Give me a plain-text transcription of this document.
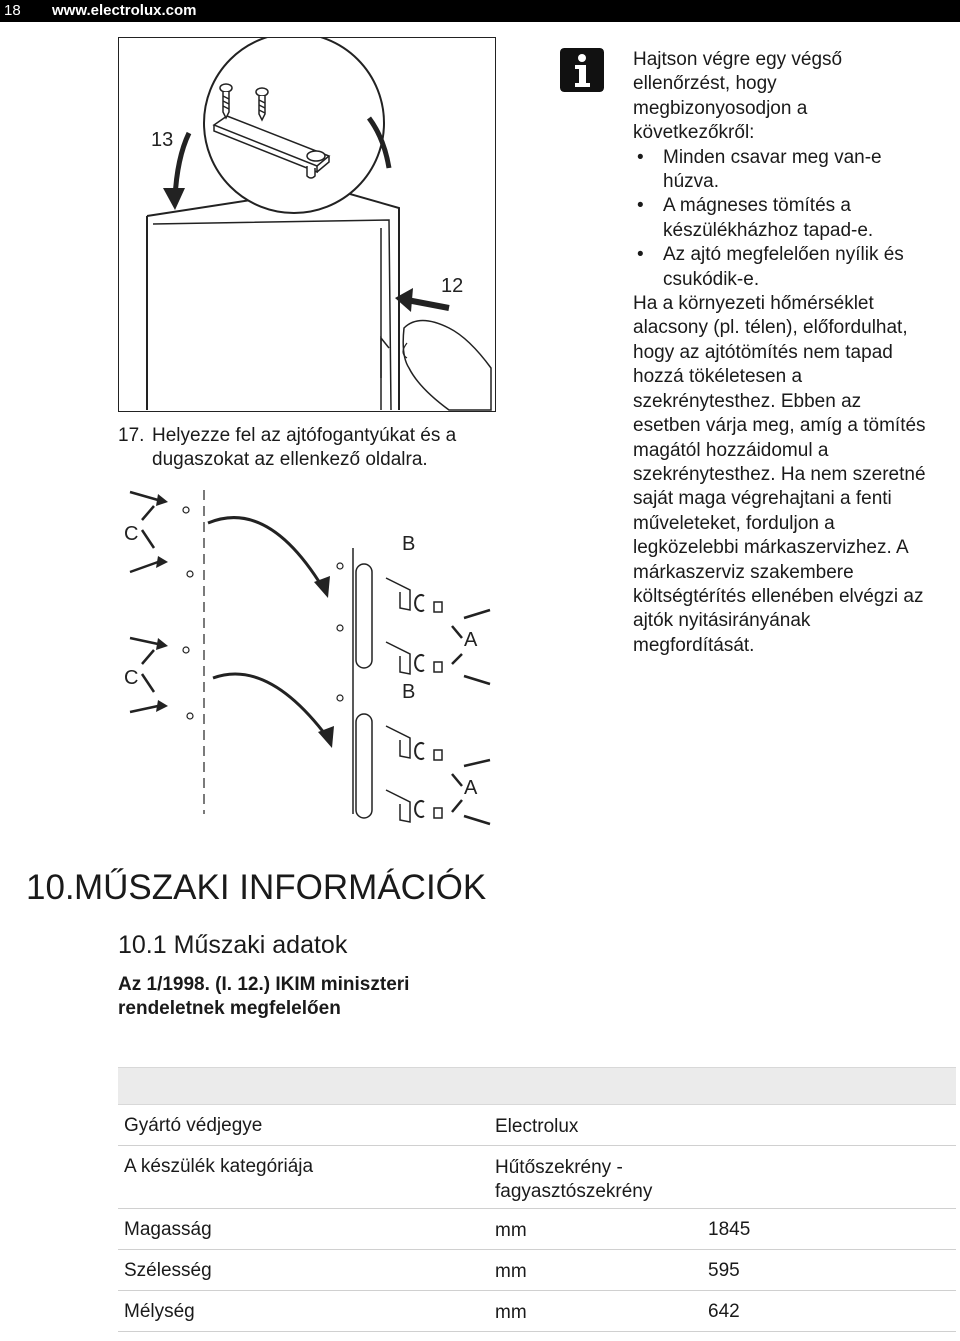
18 www.electrolux.com
13
12
17. Helyezze fel az ajtófogantyúkat és a dugaszokat az ellenkező oldalra.
C
C
B
B
A
A

Hajtson végre egy végső ellenőrzést, hogy megbizonyosodjon a következőkről:

• Minden csavar meg van-e húzva.
• A mágneses tömítés a készülékházhoz tapad-e.
• Az ajtó megfelelően nyílik és csukódik-e.

Ha a környezeti hőmérséklet alacsony (pl. télen), előfordulhat, hogy az ajtótömítés nem tapad hozzá tökéletesen a szekrénytesthez. Ebben az esetben várja meg, amíg a tömítés magától hozzáidomul a szekrénytesthez. Ha nem szeretné saját maga végrehajtani a fenti műveleteket, forduljon a legközelebbi márkaszervizhez. A márkaszerviz szakembere költségtérítés ellenében elvégzi az ajtók nyitásirányának megfordítását.

10.MŰSZAKI INFORMÁCIÓK
10.1 Műszaki adatok
Az 1/1998. (I. 12.) IKIM miniszteri rendeletnek megfelelően
Gyártó védjegye	Electrolux
A készülék kategóriája	Hűtőszekrény - fagyasztószekrény
Magasság	mm	1845
Szélesség	mm	595
Mélység	mm	642
